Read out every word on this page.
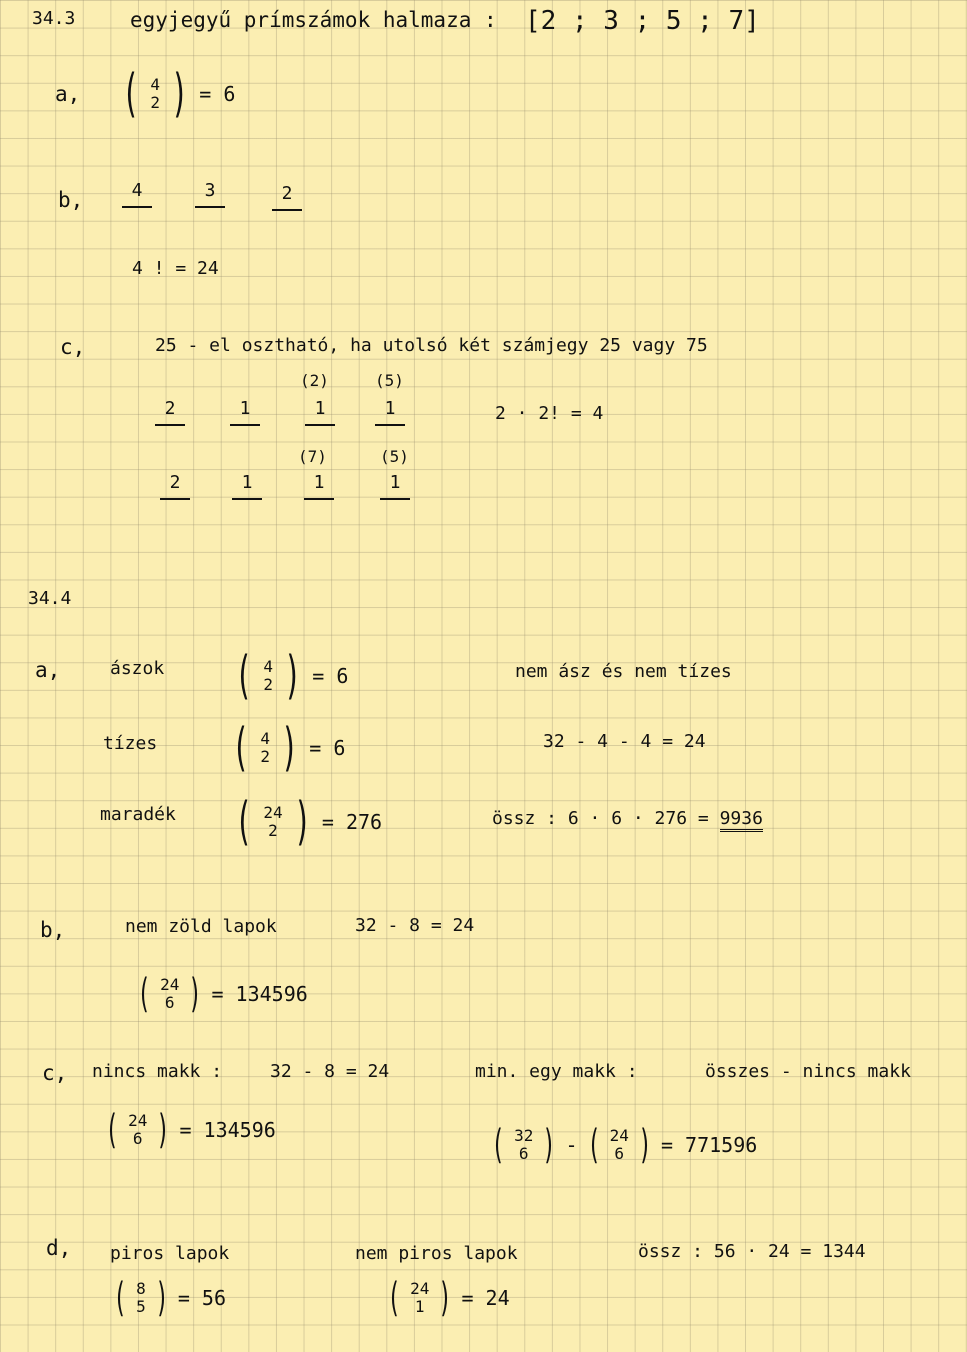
34.3	egyjegyű prímszámok halmaza : [2 ; 3 ; 5 ; 7]
a, ( 4
2 ) = 6
b,	4	3	2
4 ! = 24
c,	25 - el osztható, ha utolsó két számjegy 25 vagy 75
(2)	(5)
2	1	1	1	2 · 2! = 4
(7)	(5)
2	1	1	1
34.4
a,	ászok ( 4
2 ) = 6	nem ász és nem tízes
tízes ( 4
2 ) = 6	32 - 4 - 4 = 24
maradék ( 24
2 ) = 276	össz : 6 · 6 · 276 = 9936
b,	nem zöld lapok	32 - 8 = 24
( 24
6 ) = 134596
c, nincs makk :	32 - 8 = 24	min. egy makk :	összes - nincs makk
( 24
6 ) = 134596	( 32
6 ) - ( 24
6 ) = 771596
d, piros lapok	nem piros lapok	össz : 56 · 24 = 1344
( 8
5 ) = 56	( 24
1 ) = 24
